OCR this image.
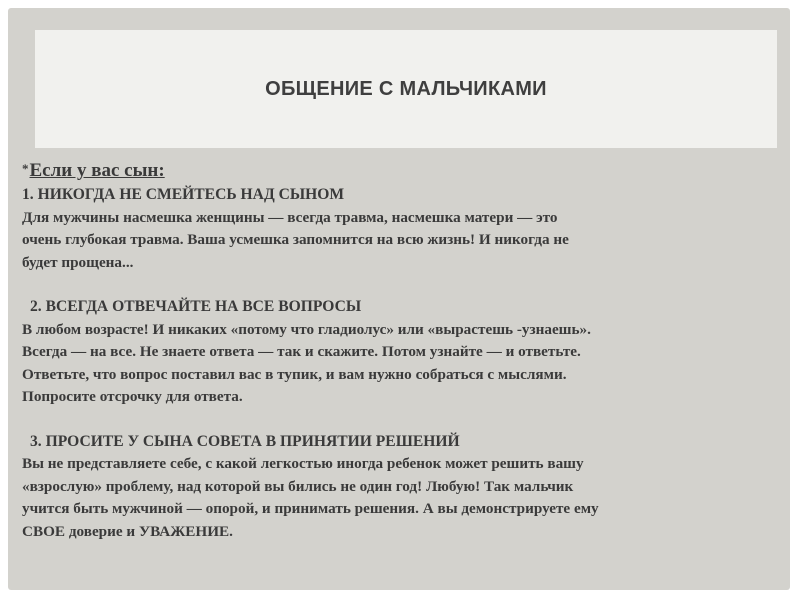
ОБЩЕНИЕ С МАЛЬЧИКАМИ
*Если у вас сын:
1. НИКОГДА НЕ СМЕЙТЕСЬ НАД СЫНОМ
Для мужчины насмешка женщины — всегда травма, насмешка матери — это
очень глубокая травма. Ваша усмешка запомнится на всю жизнь! И никогда не
будет прощена...
2. ВСЕГДА ОТВЕЧАЙТЕ НА ВСЕ ВОПРОСЫ
В любом возрасте! И никаких «потому что гладиолус» или «вырастешь -узнаешь».
Всегда — на все. Не знаете ответа — так и скажите. Потом узнайте — и ответьте.
Ответьте, что вопрос поставил вас в тупик, и вам нужно собраться с мыслями.
Попросите отсрочку для ответа.
3. ПРОСИТЕ У СЫНА СОВЕТА В ПРИНЯТИИ РЕШЕНИЙ
Вы не представляете себе, с какой легкостью иногда ребенок может решить вашу
«взрослую» проблему, над которой вы бились не один год! Любую! Так мальчик
учится быть мужчиной — опорой, и принимать решения. А вы демонстрируете ему
СВОЕ доверие и УВАЖЕНИЕ.
